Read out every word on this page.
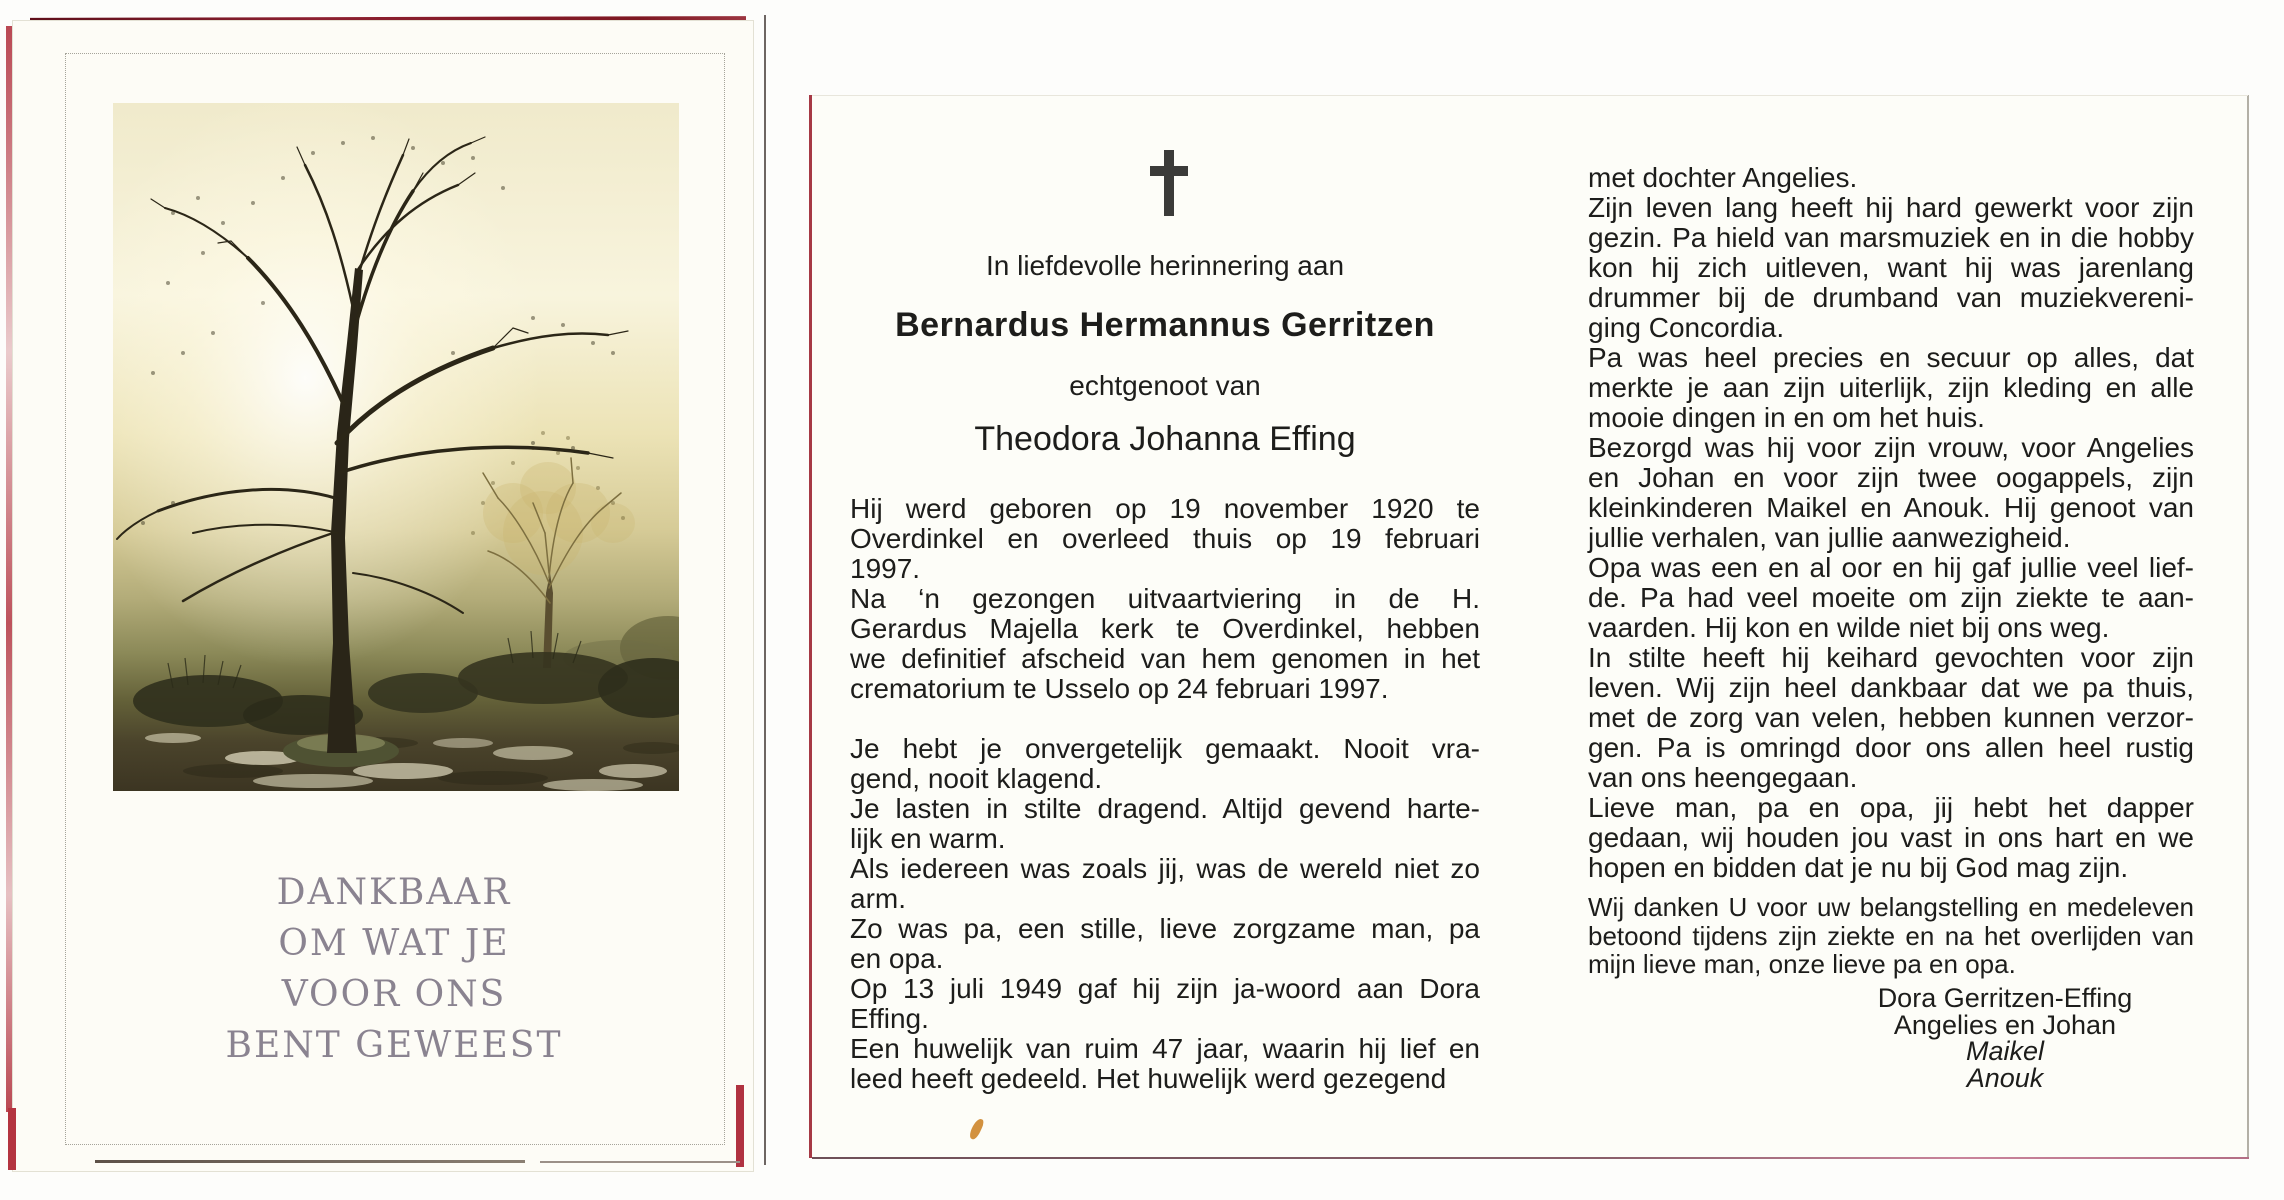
DANKBAAR
OM WAT JE
VOOR ONS
BENT GEWEEST
In liefdevolle herinnering aan
Bernardus Hermannus Gerritzen
echtgenoot van
Theodora Johanna Effing
Hij werd geboren op 19 november 1920 te
Overdinkel en overleed thuis op 19 februari
1997.
Na ‘n gezongen uitvaartviering in de H.
Gerardus Majella kerk te Overdinkel, hebben
we definitief afscheid van hem genomen in het
crematorium te Usselo op 24 februari 1997.
Je hebt je onvergetelijk gemaakt. Nooit vra-
gend, nooit klagend.
Je lasten in stilte dragend. Altijd gevend harte-
lijk en warm.
Als iedereen was zoals jij, was de wereld niet zo
arm.
Zo was pa, een stille, lieve zorgzame man, pa
en opa.
Op 13 juli 1949 gaf hij zijn ja-woord aan Dora
Effing.
Een huwelijk van ruim 47 jaar, waarin hij lief en
leed heeft gedeeld. Het huwelijk werd gezegend
met dochter Angelies.
Zijn leven lang heeft hij hard gewerkt voor zijn
gezin. Pa hield van marsmuziek en in die hobby
kon hij zich uitleven, want hij was jarenlang
drummer bij de drumband van muziekvereni-
ging Concordia.
Pa was heel precies en secuur op alles, dat
merkte je aan zijn uiterlijk, zijn kleding en alle
mooie dingen in en om het huis.
Bezorgd was hij voor zijn vrouw, voor Angelies
en Johan en voor zijn twee oogappels, zijn
kleinkinderen Maikel en Anouk. Hij genoot van
jullie verhalen, van jullie aanwezigheid.
Opa was een en al oor en hij gaf jullie veel lief-
de. Pa had veel moeite om zijn ziekte te aan-
vaarden. Hij kon en wilde niet bij ons weg.
In stilte heeft hij keihard gevochten voor zijn
leven. Wij zijn heel dankbaar dat we pa thuis,
met de zorg van velen, hebben kunnen verzor-
gen. Pa is omringd door ons allen heel rustig
van ons heengegaan.
Lieve man, pa en opa, jij hebt het dapper
gedaan, wij houden jou vast in ons hart en we
hopen en bidden dat je nu bij God mag zijn.
Wij danken U voor uw belangstelling en medeleven
betoond tijdens zijn ziekte en na het overlijden van
mijn lieve man, onze lieve pa en opa.
Dora Gerritzen-Effing
Angelies en Johan
Maikel
Anouk
